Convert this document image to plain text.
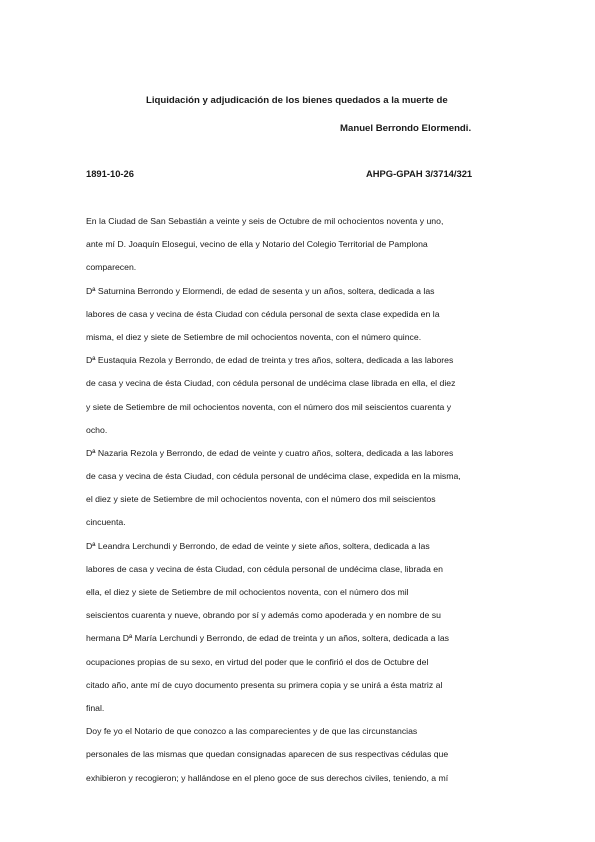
Liquidación y adjudicación de los bienes quedados a la muerte de
Manuel Berrondo Elormendi.
1891-10-26	AHPG-GPAH 3/3714/321
En la Ciudad de San Sebastián a veinte y seis de Octubre de mil ochocientos noventa y uno,
ante mí D. Joaquín Elosegui, vecino de ella y Notario del Colegio Territorial de Pamplona
comparecen.
Dª Saturnina Berrondo y Elormendi, de edad de sesenta y un años, soltera, dedicada a las
labores de casa y vecina de ésta Ciudad con cédula personal de sexta clase expedida en la
misma, el diez y siete de Setiembre de mil ochocientos noventa, con el número quince.
Dª Eustaquia Rezola y Berrondo, de edad de treinta y tres años, soltera, dedicada a las labores
de casa y vecina de ésta Ciudad, con cédula personal de undécima clase librada en ella, el diez
y siete de Setiembre de mil ochocientos noventa, con el número dos mil seiscientos cuarenta y
ocho.
Dª Nazaria Rezola y Berrondo, de edad de veinte y cuatro años, soltera, dedicada a las labores
de casa y vecina de ésta Ciudad, con cédula personal de undécima clase, expedida en la misma,
el diez y siete de Setiembre de mil ochocientos noventa, con el número dos mil seiscientos
cincuenta.
Dª Leandra Lerchundi y Berrondo, de edad de veinte y siete años, soltera, dedicada a las
labores de casa y vecina de ésta Ciudad, con cédula personal de undécima clase, librada en
ella, el diez y siete de Setiembre de mil ochocientos noventa, con el número dos mil
seiscientos cuarenta y nueve, obrando por sí y además como apoderada y en nombre de su
hermana Dª María Lerchundi y Berrondo, de edad de treinta y un años, soltera, dedicada a las
ocupaciones propias de su sexo, en virtud del poder que le confirió el dos de Octubre del
citado año, ante mí de cuyo documento presenta su primera copia y se unirá a ésta matriz al
final.
Doy fe yo el Notario de que conozco a las comparecientes y de que las circunstancias
personales de las mismas que quedan consignadas aparecen de sus respectivas cédulas que
exhibieron y recogieron; y hallándose en el pleno goce de sus derechos civiles, teniendo, a mí
